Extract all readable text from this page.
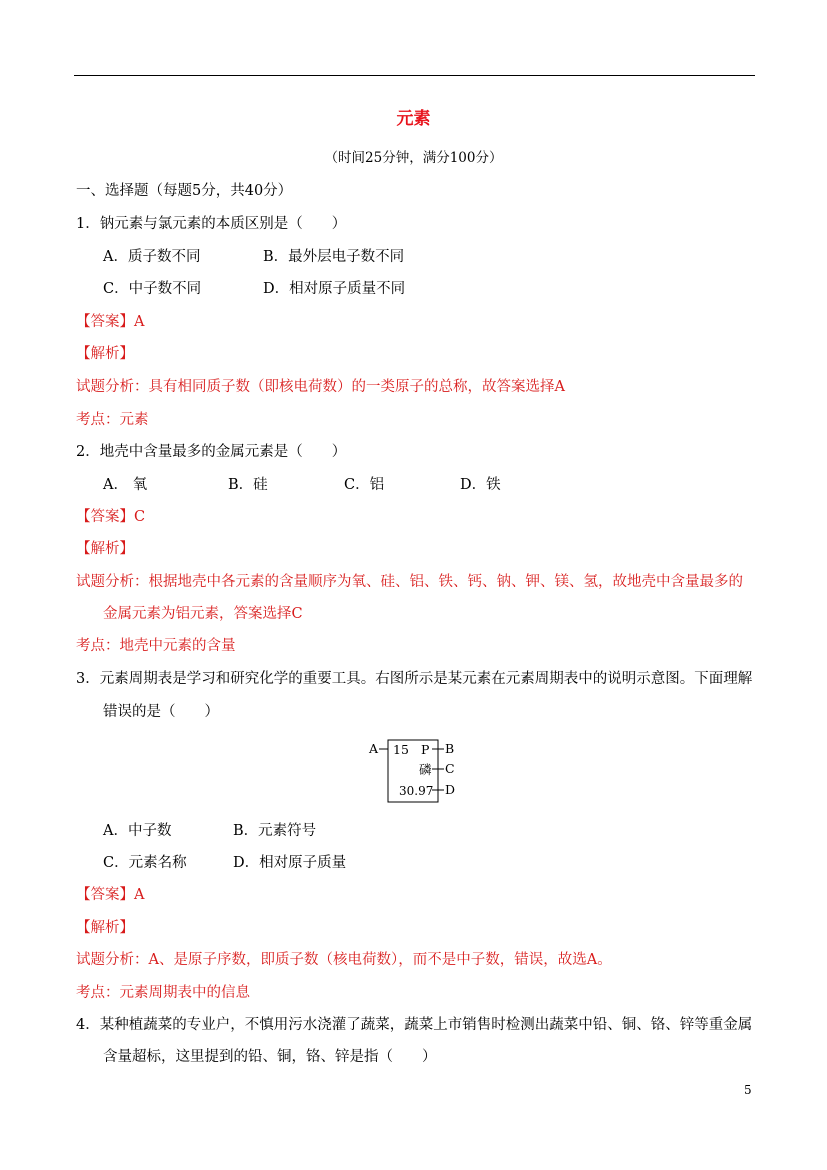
元素
（时间25分钟，满分100分）
一、选择题（每题5分，共40分）
1．钠元素与氯元素的本质区别是（　　）
A．质子数不同	B．最外层电子数不同
C．中子数不同	D．相对原子质量不同
【答案】A
【解析】
试题分析：具有相同质子数（即核电荷数）的一类原子的总称，故答案选择A
考点：元素
2．地壳中含量最多的金属元素是（　　）
A． 氧	B．硅	C．铝	D．铁
【答案】C
【解析】
试题分析：根据地壳中各元素的含量顺序为氧、硅、铝、铁、钙、钠、钾、镁、氢，故地壳中含量最多的
金属元素为铝元素，答案选择C
考点：地壳中元素的含量
3．元素周期表是学习和研究化学的重要工具。右图所示是某元素在元素周期表中的说明示意图。下面理解
错误的是（　　）
A	B
C
D
15 P
磷
30.97
A．中子数	B．元素符号
C．元素名称	D．相对原子质量
【答案】A
【解析】
试题分析：A、是原子序数，即质子数（核电荷数），而不是中子数，错误，故选A。
考点：元素周期表中的信息
4．某种植蔬菜的专业户，不慎用污水浇灌了蔬菜，蔬菜上市销售时检测出蔬菜中铅、铜、铬、锌等重金属
含量超标，这里提到的铅、铜，铬、锌是指（　　）
5
